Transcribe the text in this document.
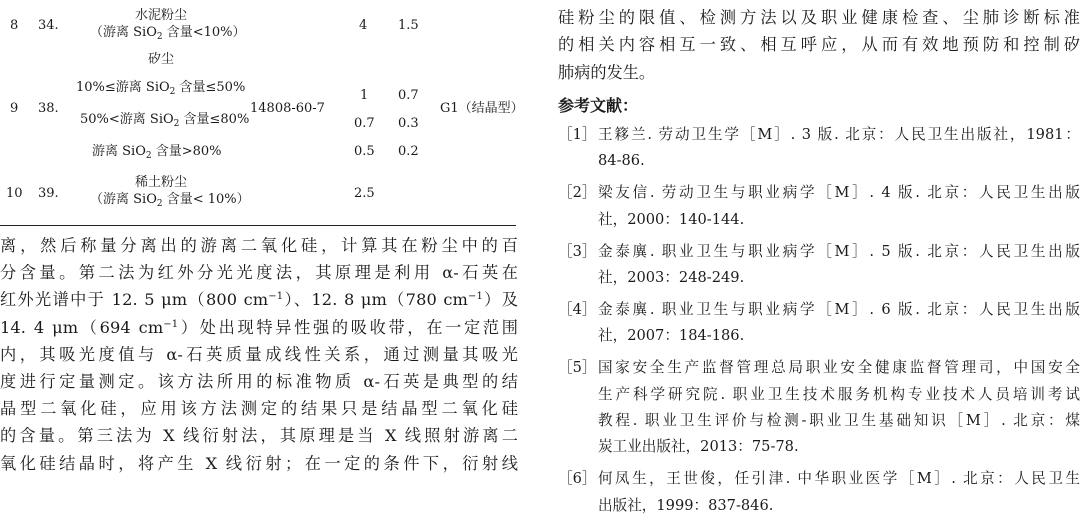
8 34.
水泥粉尘
（游离 SiO$_2$ 含量<10%）	4 1.5
9 38.
矽尘
10%≤游离 SiO$_2$ 含量≤50%
50%<游离 SiO$_2$ 含量≤80%
游离 SiO$_2$ 含量>80%
14808-60-7
1 0.7
0.7 0.3
0.5 0.2
G1（结晶型）
10 39.
稀土粉尘
（游离 SiO$_2$ 含量< 10%）	2.5

离，然后称量分离出的游离二氧化硅，计算其在粉尘中的百
分含量。第二法为红外分光光度法，其原理是利用 α-石英在
红外光谱中于 12. 5 μm（800 $cm^{-1}$）、12. 8 μm（780 $cm^{-1}$）及
14. 4 μm（694 $cm^{-1}$）处出现特异性强的吸收带，在一定范围
内，其吸光度值与 α-石英质量成线性关系，通过测量其吸光
度进行定量测定。该方法所用的标准物质 α-石英是典型的结
晶型二氧化硅，应用该方法测定的结果只是结晶型二氧化硅
的含量。第三法为 X 线衍射法，其原理是当 X 线照射游离二
氧化硅结晶时，将产生 X 线衍射；在一定的条件下，衍射线

硅粉尘的限值、检测方法以及职业健康检查、尘肺诊断标准
的相关内容相互一致、相互呼应，从而有效地预防和控制矽
肺病的发生。

参考文献：
［1］ 王簃兰. 劳动卫生学［M］. 3 版. 北京：人民卫生出版社，1981：
84-86.
［2］ 梁友信. 劳动卫生与职业病学［M］. 4 版. 北京：人民卫生出版
社，2000：140-144.
［3］ 金泰廙. 职业卫生与职业病学［M］. 5 版. 北京：人民卫生出版
社，2003：248-249.
［4］ 金泰廙. 职业卫生与职业病学［M］. 6 版. 北京：人民卫生出版
社，2007：184-186.
［5］ 国家安全生产监督管理总局职业安全健康监督管理司，中国安全
生产科学研究院. 职业卫生技术服务机构专业技术人员培训考试
教程. 职业卫生评价与检测-职业卫生基础知识［M］. 北京：煤
炭工业出版社，2013：75-78.
［6］ 何凤生，王世俊，任引津. 中华职业医学［M］. 北京：人民卫生
出版社，1999：837-846.
